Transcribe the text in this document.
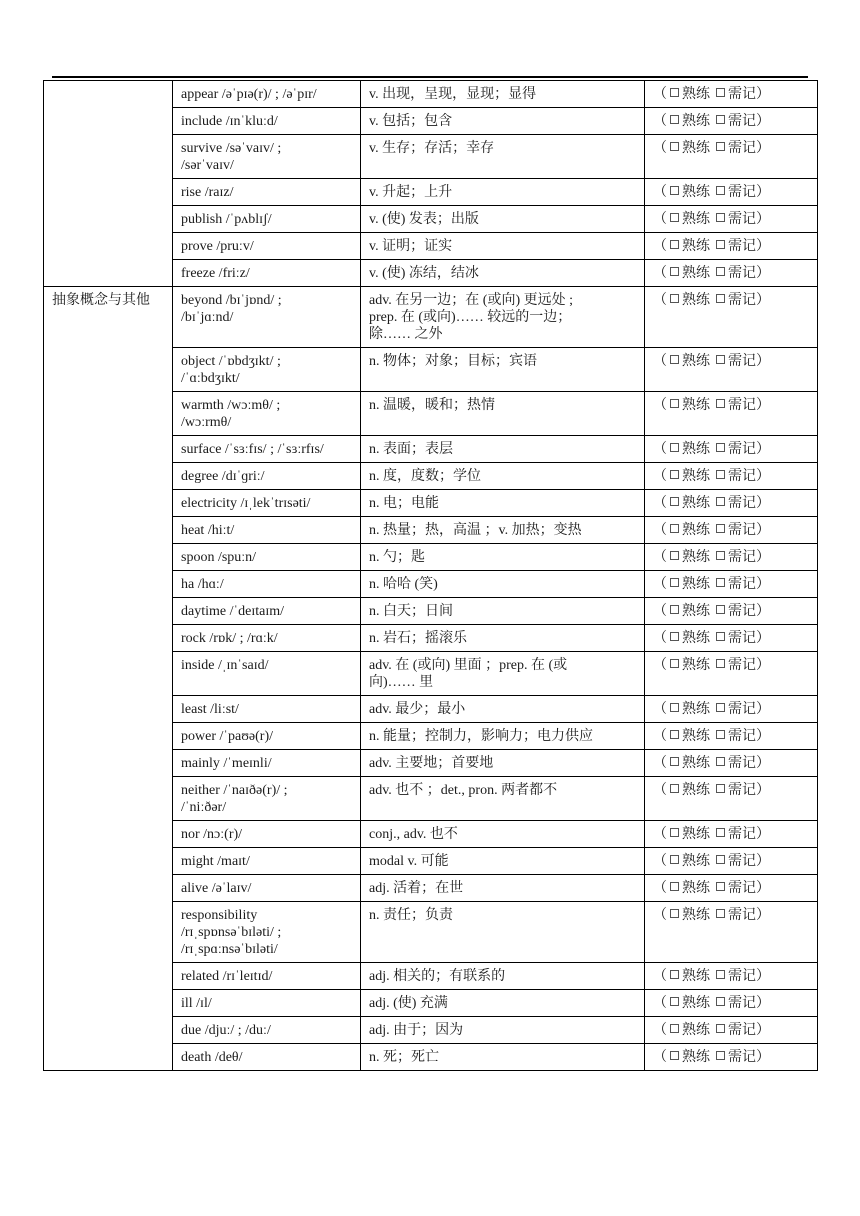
	appear /əˈpɪə(r)/ ; /əˈpɪr/	v. 出现，呈现，显现；显得	（ 熟练 需记）
	include /ɪnˈkluːd/	v. 包括；包含	（ 熟练 需记）
	survive /səˈvaɪv/ ;
/sərˈvaɪv/	v. 生存；存活；幸存	（ 熟练 需记）
	rise /raɪz/	v. 升起；上升	（ 熟练 需记）
	publish /ˈpʌblɪʃ/	v. (使) 发表；出版	（ 熟练 需记）
	prove /pruːv/	v. 证明；证实	（ 熟练 需记）
	freeze /friːz/	v. (使) 冻结，结冰	（ 熟练 需记）
抽象概念与其他	beyond /bɪˈjɒnd/ ;
/bɪˈjɑːnd/	adv. 在另一边；在 (或向) 更远处 ;
prep. 在 (或向)…… 较远的一边；
除…… 之外	（ 熟练 需记）
	object /ˈɒbdʒɪkt/ ;
/ˈɑːbdʒɪkt/	n. 物体；对象；目标；宾语	（ 熟练 需记）
	warmth /wɔːmθ/ ;
/wɔːrmθ/	n. 温暖，暖和；热情	（ 熟练 需记）
	surface /ˈsɜːfɪs/ ; /ˈsɜːrfɪs/	n. 表面；表层	（ 熟练 需记）
	degree /dɪˈɡriː/	n. 度，度数；学位	（ 熟练 需记）
	electricity /ɪˌlekˈtrɪsəti/	n. 电；电能	（ 熟练 需记）
	heat /hiːt/	n. 热量；热，高温 ；v. 加热；变热	（ 熟练 需记）
	spoon /spuːn/	n. 勺；匙	（ 熟练 需记）
	ha /hɑː/	n. 哈哈 (笑)	（ 熟练 需记）
	daytime /ˈdeɪtaɪm/	n. 白天；日间	（ 熟练 需记）
	rock /rɒk/ ; /rɑːk/	n. 岩石；摇滚乐	（ 熟练 需记）
	inside /ˌɪnˈsaɪd/	adv. 在 (或向) 里面 ；prep. 在 (或
向)…… 里	（ 熟练 需记）
	least /liːst/	adv. 最少；最小	（ 熟练 需记）
	power /ˈpaʊə(r)/	n. 能量；控制力，影响力；电力供应	（ 熟练 需记）
	mainly /ˈmeɪnli/	adv. 主要地；首要地	（ 熟练 需记）
	neither /ˈnaɪðə(r)/ ;
/ˈniːðər/	adv. 也不 ；det., pron. 两者都不	（ 熟练 需记）
	nor /nɔː(r)/	conj., adv. 也不	（ 熟练 需记）
	might /maɪt/	modal v. 可能	（ 熟练 需记）
	alive /əˈlaɪv/	adj. 活着；在世	（ 熟练 需记）
	responsibility
/rɪˌspɒnsəˈbɪləti/ ;
/rɪˌspɑːnsəˈbɪləti/	n. 责任；负责	（ 熟练 需记）
	related /rɪˈleɪtɪd/	adj. 相关的；有联系的	（ 熟练 需记）
	ill /ɪl/	adj. (使) 充满	（ 熟练 需记）
	due /djuː/ ; /duː/	adj. 由于；因为	（ 熟练 需记）
	death /deθ/	n. 死；死亡	（ 熟练 需记）
